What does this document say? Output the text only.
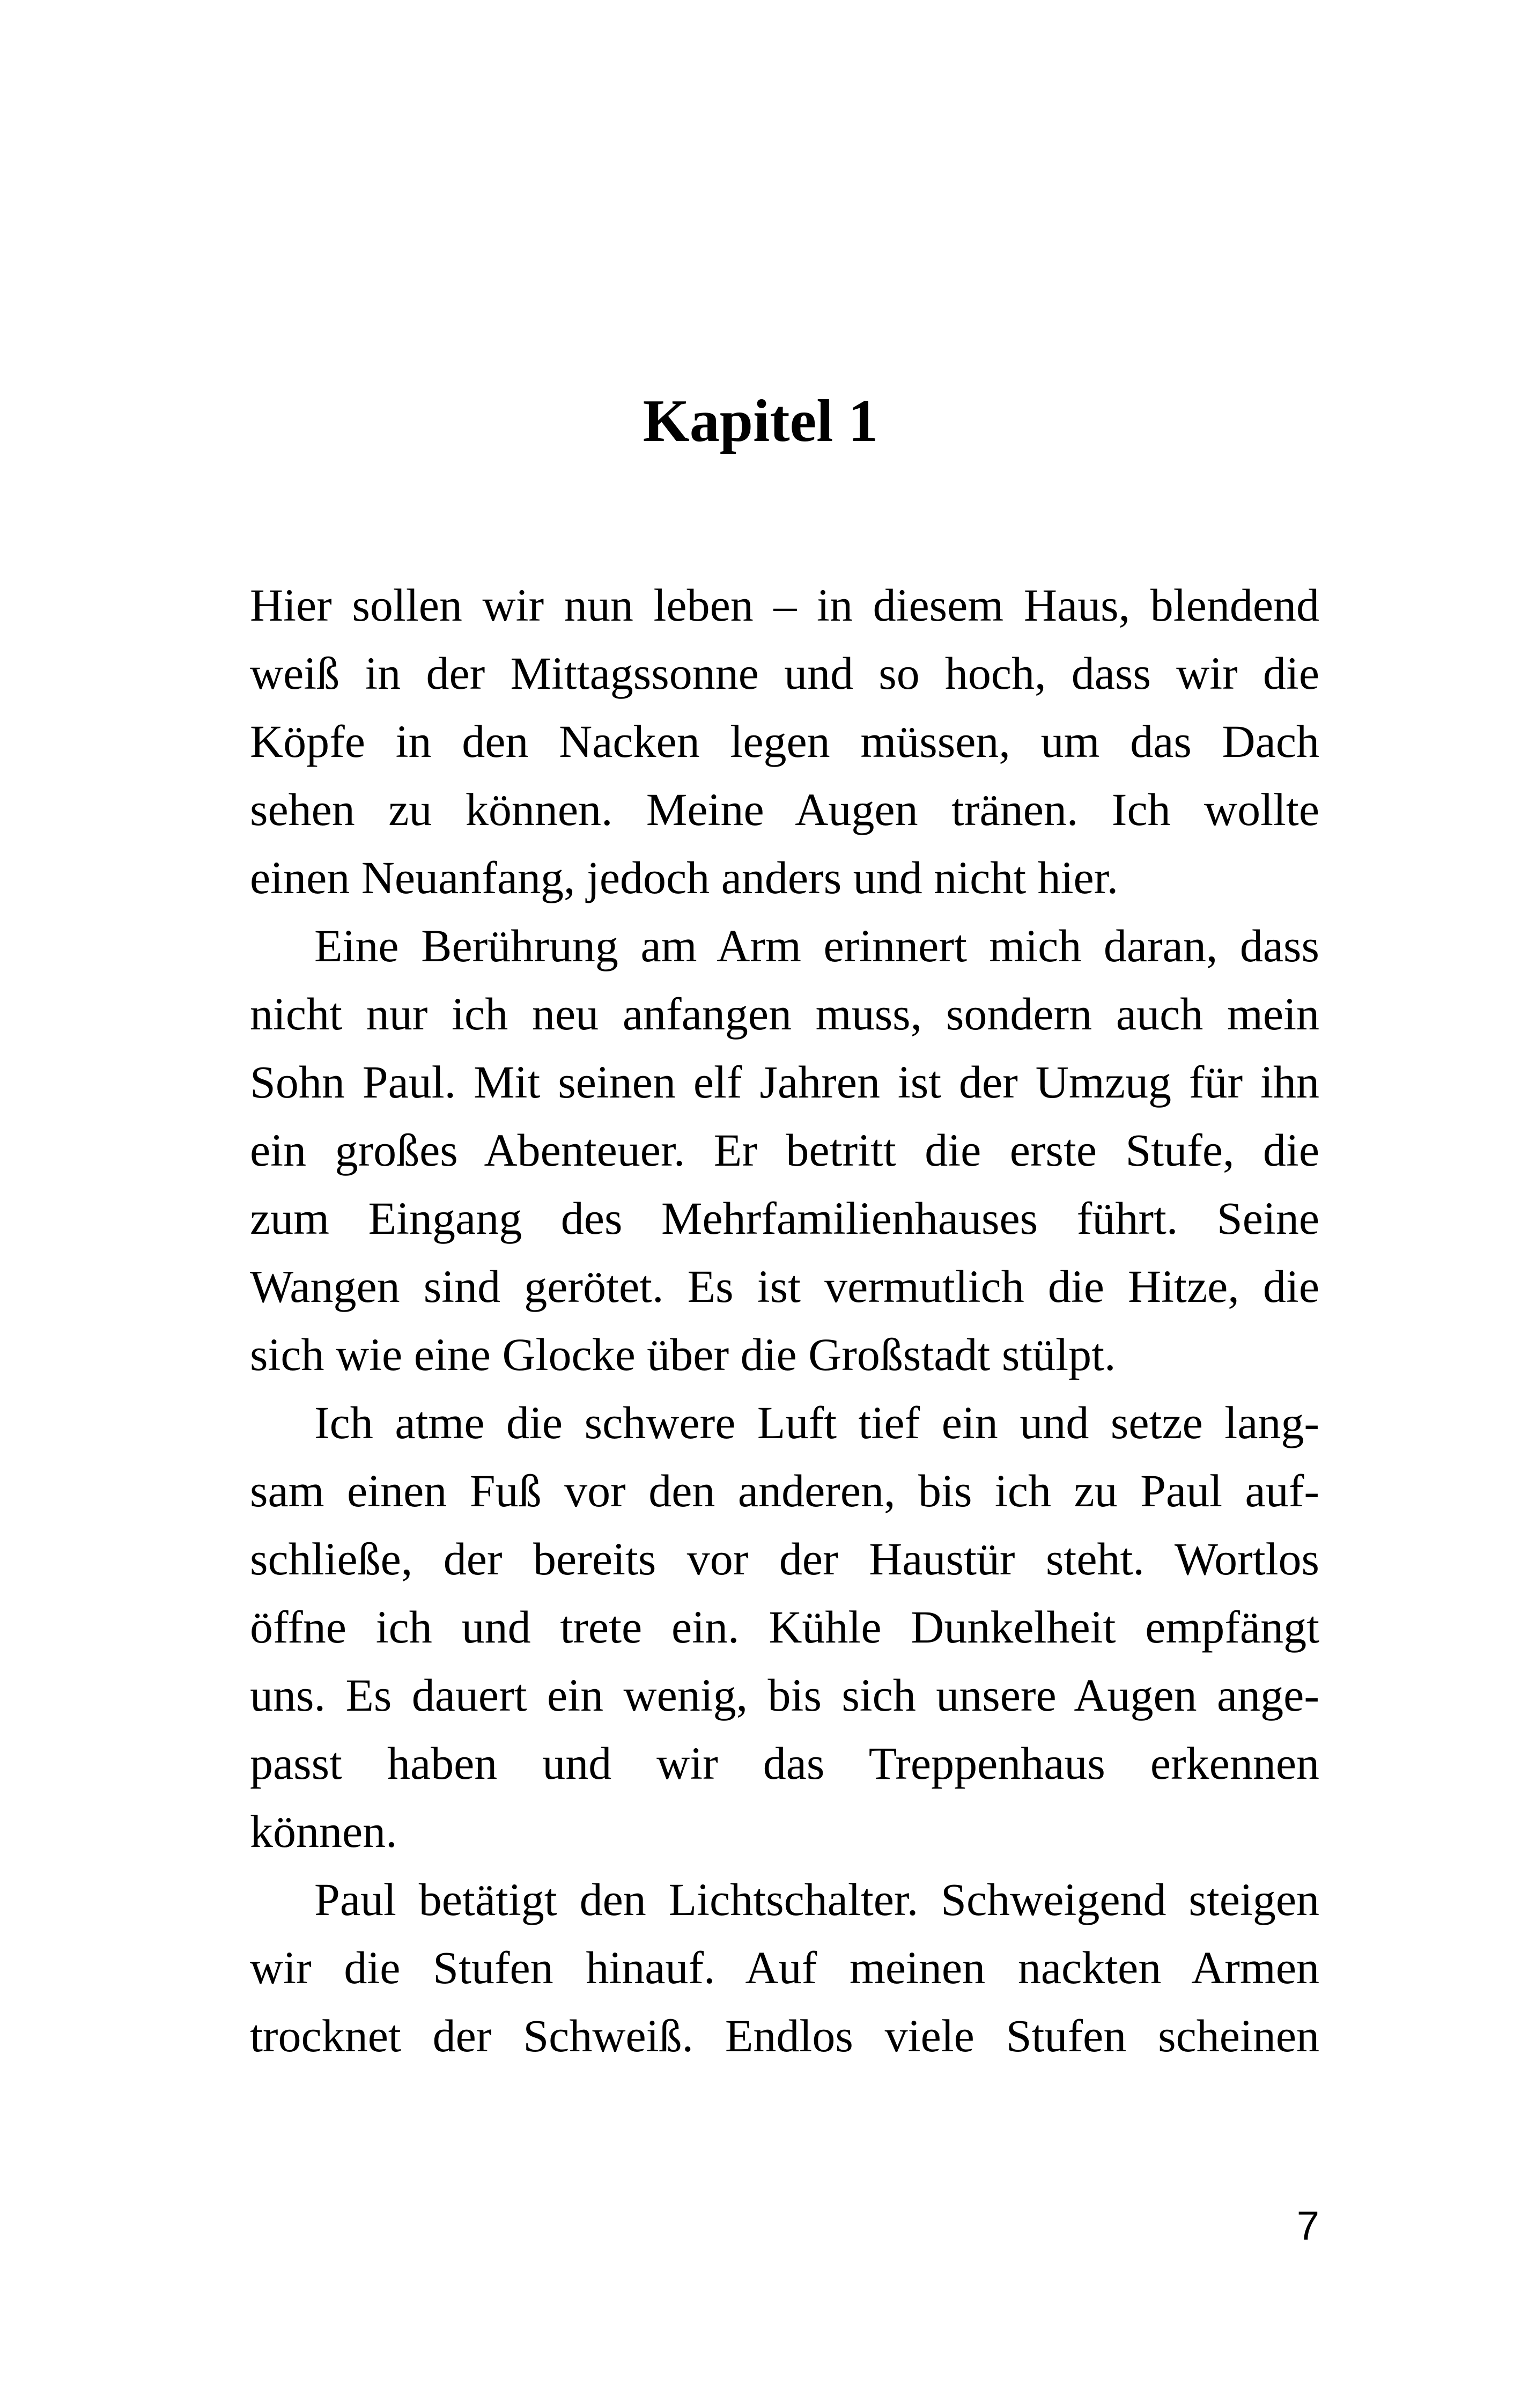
Kapitel 1

Hier sollen wir nun leben – in diesem Haus, blendend
weiß in der Mittagssonne und so hoch, dass wir die
Köpfe in den Nacken legen müssen, um das Dach
sehen zu können. Meine Augen tränen. Ich wollte
einen Neuanfang, jedoch anders und nicht hier.

Eine Berührung am Arm erinnert mich daran, dass
nicht nur ich neu anfangen muss, sondern auch mein
Sohn Paul. Mit seinen elf Jahren ist der Umzug für ihn
ein großes Abenteuer. Er betritt die erste Stufe, die
zum Eingang des Mehrfamilienhauses führt. Seine
Wangen sind gerötet. Es ist vermutlich die Hitze, die
sich wie eine Glocke über die Großstadt stülpt.

Ich atme die schwere Luft tief ein und setze lang-
sam einen Fuß vor den anderen, bis ich zu Paul auf-
schließe, der bereits vor der Haustür steht. Wortlos
öffne ich und trete ein. Kühle Dunkelheit empfängt
uns. Es dauert ein wenig, bis sich unsere Augen ange-
passt haben und wir das Treppenhaus erkennen
können.

Paul betätigt den Lichtschalter. Schweigend steigen
wir die Stufen hinauf. Auf meinen nackten Armen
trocknet der Schweiß. Endlos viele Stufen scheinen

7
